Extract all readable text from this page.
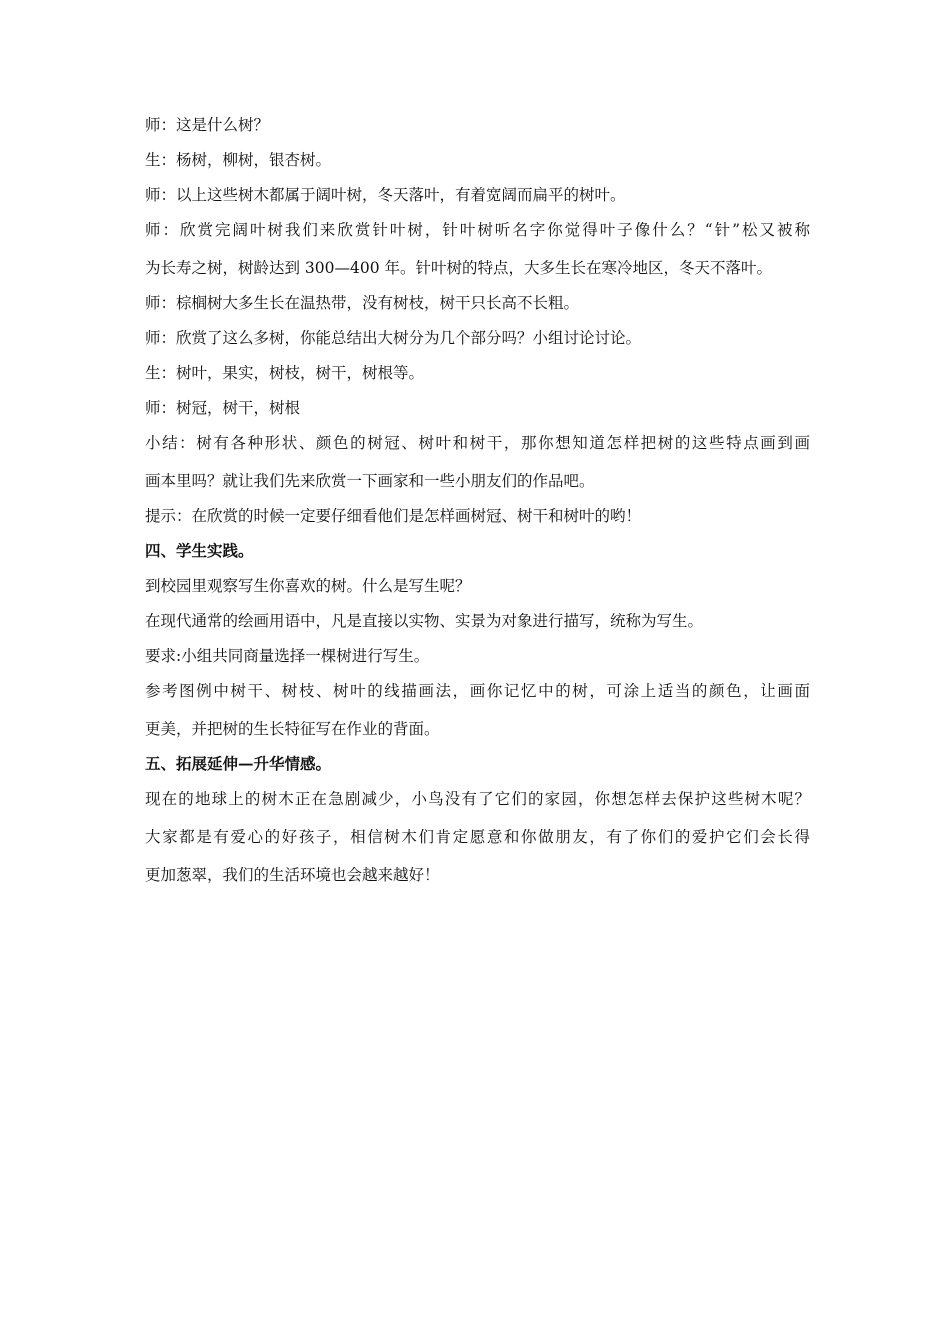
师：这是什么树？

生：杨树，柳树，银杏树。

师：以上这些树木都属于阔叶树，冬天落叶，有着宽阔而扁平的树叶。

师：欣赏完阔叶树我们来欣赏针叶树，针叶树听名字你觉得叶子像什么？“针”松又被称

为长寿之树，树龄达到 300—400 年。针叶树的特点，大多生长在寒冷地区，冬天不落叶。

师：棕榈树大多生长在温热带，没有树枝，树干只长高不长粗。

师：欣赏了这么多树，你能总结出大树分为几个部分吗？小组讨论讨论。

生：树叶，果实，树枝，树干，树根等。

师：树冠，树干，树根

小结：树有各种形状、颜色的树冠、树叶和树干，那你想知道怎样把树的这些特点画到画

画本里吗？就让我们先来欣赏一下画家和一些小朋友们的作品吧。

提示：在欣赏的时候一定要仔细看他们是怎样画树冠、树干和树叶的哟！

四、学生实践。

到校园里观察写生你喜欢的树。什么是写生呢？

在现代通常的绘画用语中，凡是直接以实物、实景为对象进行描写，统称为写生。

要求:小组共同商量选择一棵树进行写生。

参考图例中树干、树枝、树叶的线描画法，画你记忆中的树，可涂上适当的颜色，让画面

更美，并把树的生长特征写在作业的背面。

五、拓展延伸—升华情感。

现在的地球上的树木正在急剧减少，小鸟没有了它们的家园，你想怎样去保护这些树木呢？

大家都是有爱心的好孩子，相信树木们肯定愿意和你做朋友，有了你们的爱护它们会长得

更加葱翠，我们的生活环境也会越来越好！
